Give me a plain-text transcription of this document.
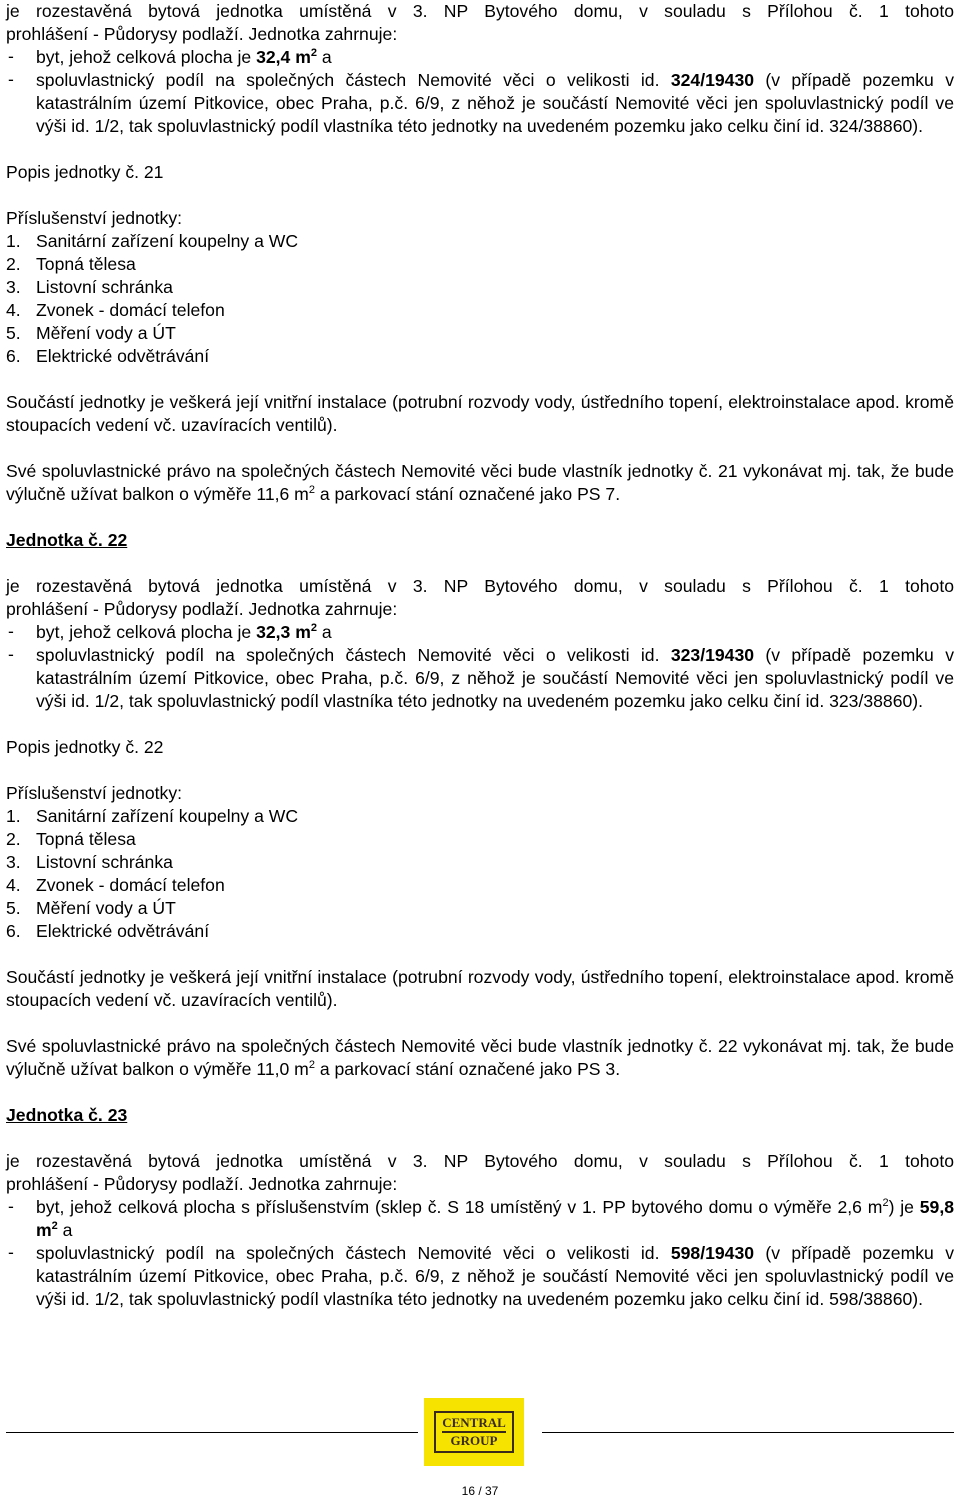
je rozestavěná bytová jednotka umístěná v 3. NP Bytového domu, v souladu s Přílohou č. 1 tohoto

prohlášení - Půdorysy podlaží. Jednotka zahrnuje:

-	byt, jehož celková plocha je 32,4 $m^2$ a

-	spoluvlastnický podíl na společných částech Nemovité věci o velikosti id. 324/19430 (v případě pozemku v katastrálním území Pitkovice, obec Praha, p.č. 6/9, z něhož je součástí Nemovité věci jen spoluvlastnický podíl ve výši id. 1/2, tak spoluvlastnický podíl vlastníka této jednotky na uvedeném pozemku jako celku činí id. 324/38860).

Popis jednotky č. 21

Příslušenství jednotky:

1. Sanitární zařízení koupelny a WC
2. Topná tělesa
3. Listovní schránka
4. Zvonek - domácí telefon
5. Měření vody a ÚT
6. Elektrické odvětrávání

Součástí jednotky je veškerá její vnitřní instalace (potrubní rozvody vody, ústředního topení, elektroinstalace apod. kromě stoupacích vedení vč. uzavíracích ventilů).

Své spoluvlastnické právo na společných částech Nemovité věci bude vlastník jednotky č. 21 vykonávat mj. tak, že bude výlučně užívat balkon o výměře 11,6 $m^2$ a parkovací stání označené jako PS 7.

Jednotka č. 22

je rozestavěná bytová jednotka umístěná v 3. NP Bytového domu, v souladu s Přílohou č. 1 tohoto

prohlášení - Půdorysy podlaží. Jednotka zahrnuje:

-	byt, jehož celková plocha je 32,3 $m^2$ a

-	spoluvlastnický podíl na společných částech Nemovité věci o velikosti id. 323/19430 (v případě pozemku v katastrálním území Pitkovice, obec Praha, p.č. 6/9, z něhož je součástí Nemovité věci jen spoluvlastnický podíl ve výši id. 1/2, tak spoluvlastnický podíl vlastníka této jednotky na uvedeném pozemku jako celku činí id. 323/38860).

Popis jednotky č. 22

Příslušenství jednotky:

1. Sanitární zařízení koupelny a WC
2. Topná tělesa
3. Listovní schránka
4. Zvonek - domácí telefon
5. Měření vody a ÚT
6. Elektrické odvětrávání

Součástí jednotky je veškerá její vnitřní instalace (potrubní rozvody vody, ústředního topení, elektroinstalace apod. kromě stoupacích vedení vč. uzavíracích ventilů).

Své spoluvlastnické právo na společných částech Nemovité věci bude vlastník jednotky č. 22 vykonávat mj. tak, že bude výlučně užívat balkon o výměře 11,0 $m^2$ a parkovací stání označené jako PS 3.

Jednotka č. 23

je rozestavěná bytová jednotka umístěná v 3. NP Bytového domu, v souladu s Přílohou č. 1 tohoto

prohlášení - Půdorysy podlaží. Jednotka zahrnuje:

-	byt, jehož celková plocha s příslušenstvím (sklep č. S 18 umístěný v 1. PP bytového domu o výměře 2,6 $m^2$) je 59,8 $m^2$ a

-	spoluvlastnický podíl na společných částech Nemovité věci o velikosti id. 598/19430 (v případě pozemku v katastrálním území Pitkovice, obec Praha, p.č. 6/9, z něhož je součástí Nemovité věci jen spoluvlastnický podíl ve výši id. 1/2, tak spoluvlastnický podíl vlastníka této jednotky na uvedeném pozemku jako celku činí id. 598/38860).

CENTRAL
GROUP
16 / 37
